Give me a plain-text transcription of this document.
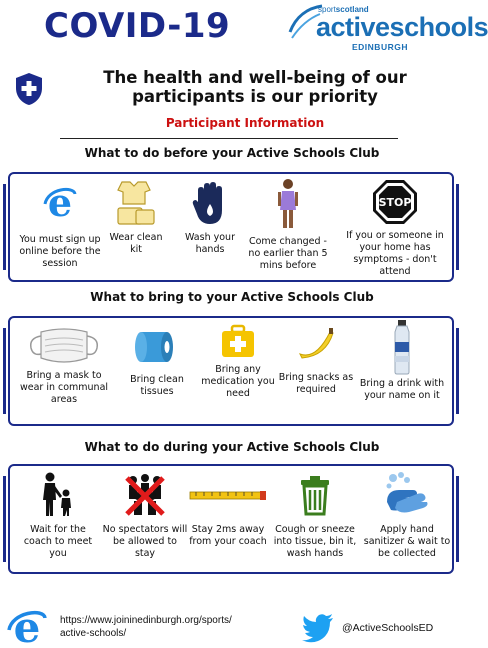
COVID-19	sportscotland
activeschools
EDINBURGH
The health and well-being of our participants is our priority
Participant Information
What to do before your Active Schools Club
e
You must sign up online before the session
Wear clean kit
Wash your hands
Come changed - no earlier than 5 mins before
STOP
If you or someone in your home has symptoms - don't attend
What to bring to your Active Schools Club
Bring a mask to wear in communal areas
Bring clean tissues
Bring any medication you need
Bring snacks as required
Bring a drink with your name on it
What to do during your Active Schools Club
Wait for the coach to meet you
No spectators will be allowed to stay
Stay 2ms away from your coach
Cough or sneeze into tissue, bin it, wash hands
Apply hand sanitizer & wait to be collected
e https://www.joininedinburgh.org/sports/
active-schools/	@ActiveSchoolsED
